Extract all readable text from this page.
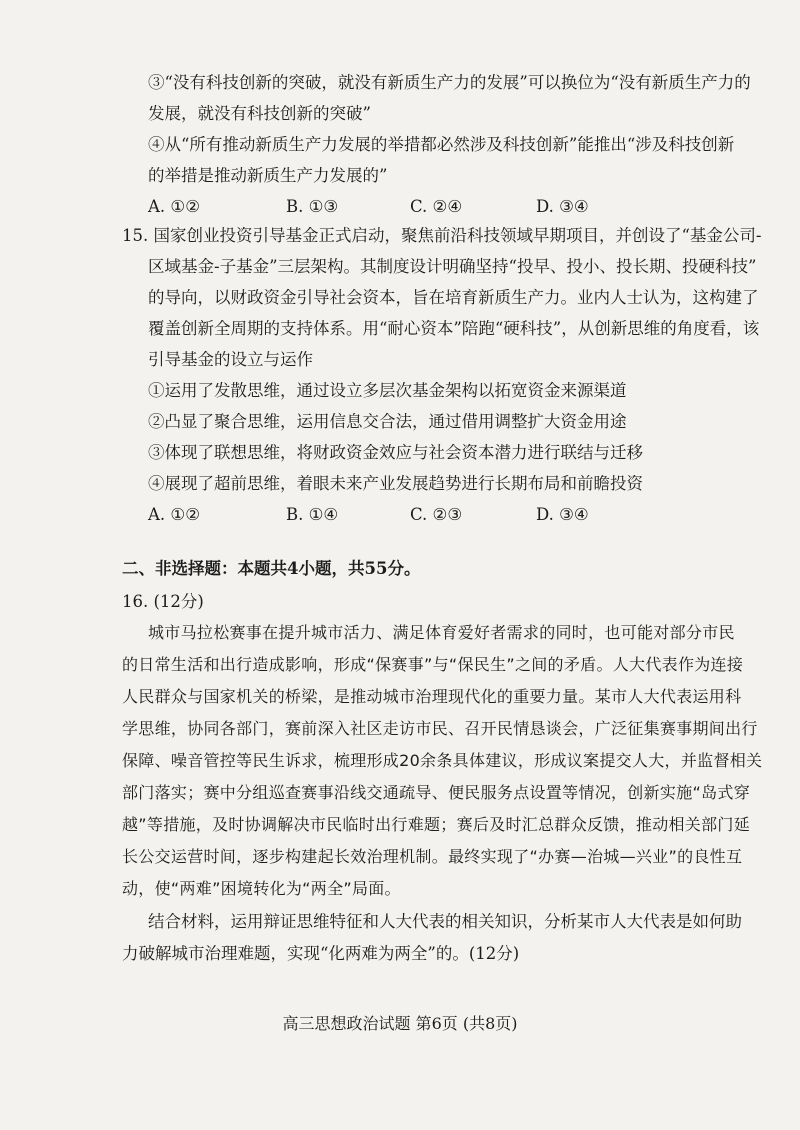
③“没有科技创新的突破，就没有新质生产力的发展”可以换位为“没有新质生产力的
发展，就没有科技创新的突破”
④从“所有推动新质生产力发展的举措都必然涉及科技创新”能推出“涉及科技创新
的举措是推动新质生产力发展的”
A. ①②	B. ①③	C. ②④	D. ③④
15. 国家创业投资引导基金正式启动，聚焦前沿科技领域早期项目，并创设了“基金公司-
区域基金-子基金”三层架构。其制度设计明确坚持“投早、投小、投长期、投硬科技”
的导向，以财政资金引导社会资本，旨在培育新质生产力。业内人士认为，这构建了
覆盖创新全周期的支持体系。用“耐心资本”陪跑“硬科技”，从创新思维的角度看，该
引导基金的设立与运作
①运用了发散思维，通过设立多层次基金架构以拓宽资金来源渠道
②凸显了聚合思维，运用信息交合法，通过借用调整扩大资金用途
③体现了联想思维，将财政资金效应与社会资本潜力进行联结与迁移
④展现了超前思维，着眼未来产业发展趋势进行长期布局和前瞻投资
A. ①②	B. ①④	C. ②③	D. ③④
二、非选择题：本题共4小题，共55分。
16. (12分)
城市马拉松赛事在提升城市活力、满足体育爱好者需求的同时，也可能对部分市民
的日常生活和出行造成影响，形成“保赛事”与“保民生”之间的矛盾。人大代表作为连接
人民群众与国家机关的桥梁，是推动城市治理现代化的重要力量。某市人大代表运用科
学思维，协同各部门，赛前深入社区走访市民、召开民情恳谈会，广泛征集赛事期间出行
保障、噪音管控等民生诉求，梳理形成20余条具体建议，形成议案提交人大，并监督相关
部门落实；赛中分组巡查赛事沿线交通疏导、便民服务点设置等情况，创新实施“岛式穿
越”等措施，及时协调解决市民临时出行难题；赛后及时汇总群众反馈，推动相关部门延
长公交运营时间，逐步构建起长效治理机制。最终实现了“办赛—治城—兴业”的良性互
动，使“两难”困境转化为“两全”局面。
结合材料，运用辩证思维特征和人大代表的相关知识，分析某市人大代表是如何助
力破解城市治理难题，实现“化两难为两全”的。(12分)
高三思想政治试题 第6页 (共8页)
